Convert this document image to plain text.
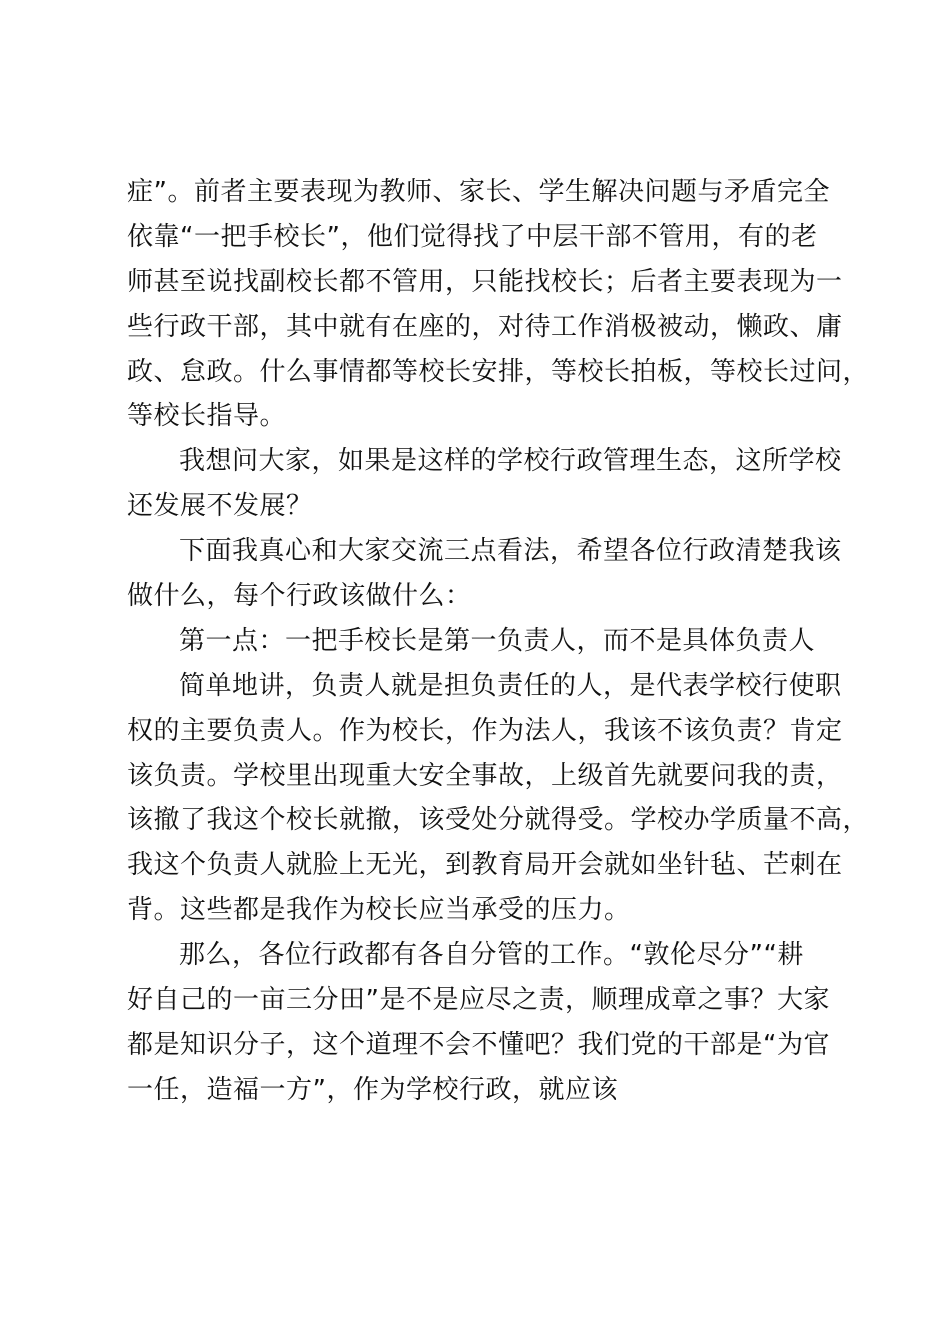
症”。前者主要表现为教师、家长、学生解决问题与矛盾完全
依靠“一把手校长”，他们觉得找了中层干部不管用，有的老
师甚至说找副校长都不管用，只能找校长；后者主要表现为一
些行政干部，其中就有在座的，对待工作消极被动，懒政、庸
政、怠政。什么事情都等校长安排，等校长拍板，等校长过问，
等校长指导。
我想问大家，如果是这样的学校行政管理生态，这所学校
还发展不发展？
下面我真心和大家交流三点看法，希望各位行政清楚我该
做什么，每个行政该做什么：
第一点：一把手校长是第一负责人，而不是具体负责人
简单地讲，负责人就是担负责任的人，是代表学校行使职
权的主要负责人。作为校长，作为法人，我该不该负责？肯定
该负责。学校里出现重大安全事故，上级首先就要问我的责，
该撤了我这个校长就撤，该受处分就得受。学校办学质量不高，
我这个负责人就脸上无光，到教育局开会就如坐针毡、芒刺在
背。这些都是我作为校长应当承受的压力。
那么，各位行政都有各自分管的工作。“敦伦尽分”“耕
好自己的一亩三分田”是不是应尽之责，顺理成章之事？大家
都是知识分子，这个道理不会不懂吧？我们党的干部是“为官
一任，造福一方”，作为学校行政，就应该
